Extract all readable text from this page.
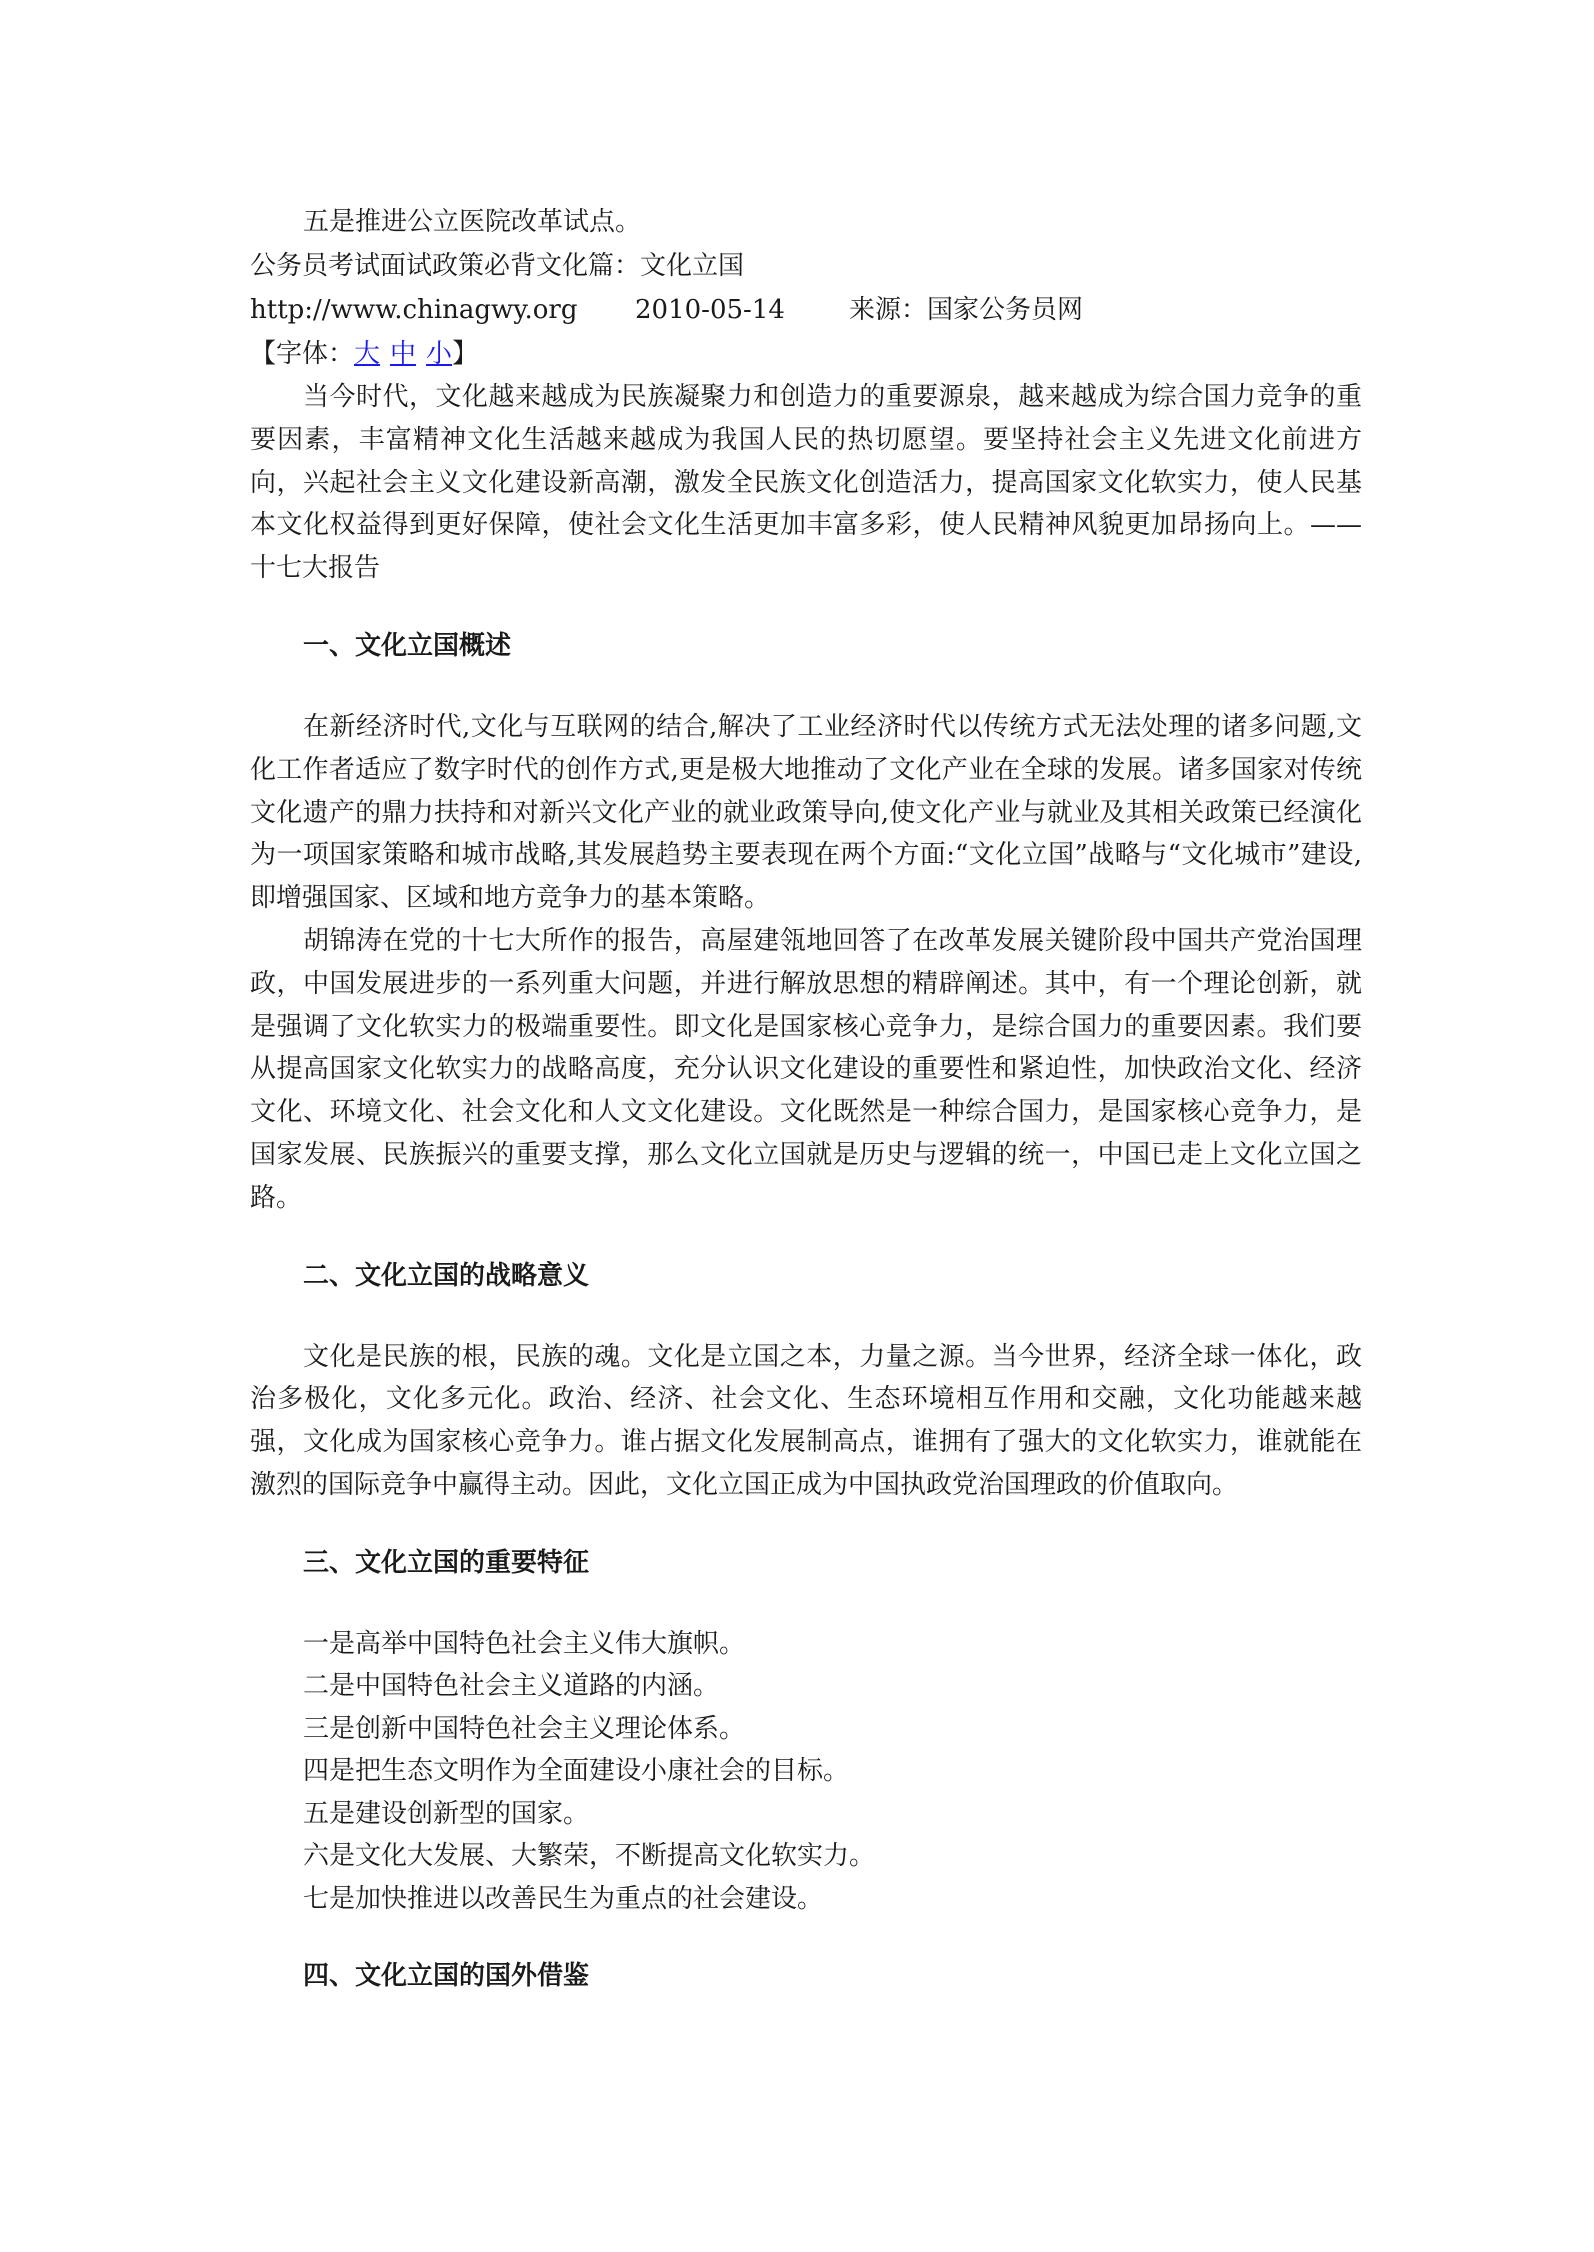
五是推进公立医院改革试点。
公务员考试面试政策必背文化篇：文化立国
http://www.chinagwy.org 2010-05-14 来源：国家公务员网
【字体：大 中 小】

当今时代，文化越来越成为民族凝聚力和创造力的重要源泉，越来越成为综合国力竞争的重要因素，丰富精神文化生活越来越成为我国人民的热切愿望。要坚持社会主义先进文化前进方向，兴起社会主义文化建设新高潮，激发全民族文化创造活力，提高国家文化软实力，使人民基本文化权益得到更好保障，使社会文化生活更加丰富多彩，使人民精神风貌更加昂扬向上。——十七大报告

一、文化立国概述

在新经济时代,文化与互联网的结合,解决了工业经济时代以传统方式无法处理的诸多问题,文化工作者适应了数字时代的创作方式,更是极大地推动了文化产业在全球的发展。诸多国家对传统文化遗产的鼎力扶持和对新兴文化产业的就业政策导向,使文化产业与就业及其相关政策已经演化为一项国家策略和城市战略,其发展趋势主要表现在两个方面:“文化立国”战略与“文化城市”建设,即增强国家、区域和地方竞争力的基本策略。

胡锦涛在党的十七大所作的报告，高屋建瓴地回答了在改革发展关键阶段中国共产党治国理政，中国发展进步的一系列重大问题，并进行解放思想的精辟阐述。其中，有一个理论创新，就是强调了文化软实力的极端重要性。即文化是国家核心竞争力，是综合国力的重要因素。我们要从提高国家文化软实力的战略高度，充分认识文化建设的重要性和紧迫性，加快政治文化、经济文化、环境文化、社会文化和人文文化建设。文化既然是一种综合国力，是国家核心竞争力，是国家发展、民族振兴的重要支撑，那么文化立国就是历史与逻辑的统一，中国已走上文化立国之路。

二、文化立国的战略意义

文化是民族的根，民族的魂。文化是立国之本，力量之源。当今世界，经济全球一体化，政治多极化，文化多元化。政治、经济、社会文化、生态环境相互作用和交融，文化功能越来越强，文化成为国家核心竞争力。谁占据文化发展制高点，谁拥有了强大的文化软实力，谁就能在激烈的国际竞争中赢得主动。因此，文化立国正成为中国执政党治国理政的价值取向。

三、文化立国的重要特征
一是高举中国特色社会主义伟大旗帜。
二是中国特色社会主义道路的内涵。
三是创新中国特色社会主义理论体系。
四是把生态文明作为全面建设小康社会的目标。
五是建设创新型的国家。
六是文化大发展、大繁荣，不断提高文化软实力。
七是加快推进以改善民生为重点的社会建设。
四、文化立国的国外借鉴
